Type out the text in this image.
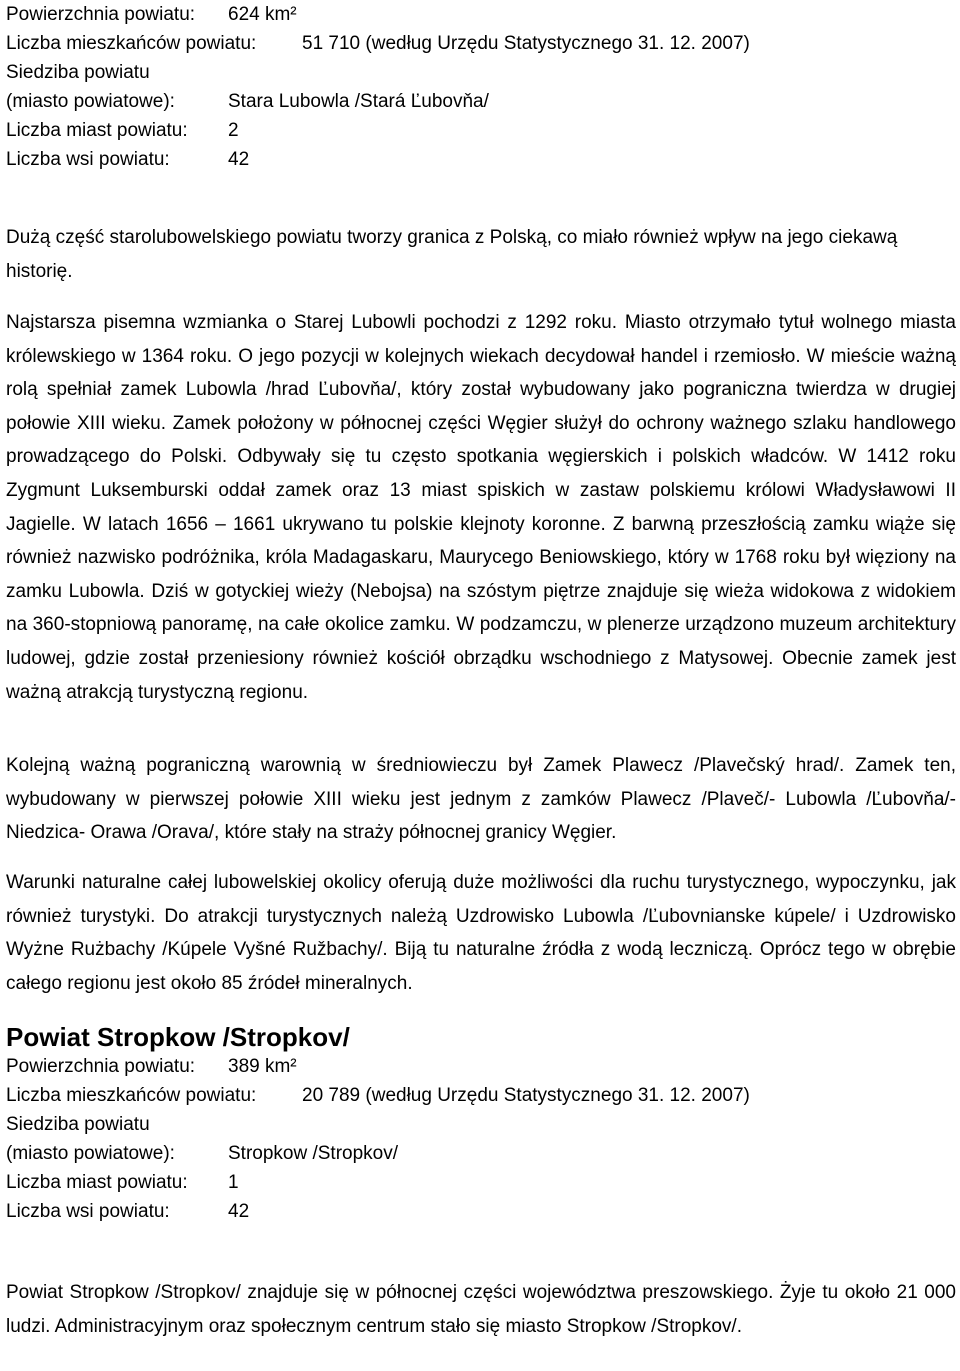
Powierzchnia powiatu: 624 km²
Liczba mieszkańców powiatu: 51 710 (według Urzędu Statystycznego 31. 12. 2007)
Siedziba powiatu
(miasto powiatowe):	Stara Lubowla /Stará Ľubovňa/
Liczba miast powiatu: 2
Liczba wsi powiatu:	42
Dużą część starolubowelskiego powiatu tworzy granica z Polską, co miało również wpływ na jego ciekawą historię.
Najstarsza pisemna wzmianka o Starej Lubowli pochodzi z 1292 roku. Miasto otrzymało tytuł wolnego miasta królewskiego w 1364 roku. O jego pozycji w kolejnych wiekach decydował handel i rzemiosło. W mieście ważną rolą spełniał zamek Lubowla /hrad Ľubovňa/, który został wybudowany jako pograniczna twierdza w drugiej połowie XIII wieku. Zamek położony w północnej części Węgier służył do ochrony ważnego szlaku handlowego prowadzącego do Polski. Odbywały się tu często spotkania węgierskich i polskich władców. W 1412 roku Zygmunt Luksemburski oddał zamek oraz 13 miast spiskich w zastaw polskiemu królowi Władysławowi II Jagielle. W latach 1656 – 1661 ukrywano tu polskie klejnoty koronne. Z barwną przeszłością zamku wiąże się również nazwisko podróżnika, króla Madagaskaru, Maurycego Beniowskiego, który w 1768 roku był więziony na zamku Lubowla. Dziś w gotyckiej wieży (Nebojsa) na szóstym piętrze znajduje się wieża widokowa z widokiem na 360-stopniową panoramę, na całe okolice zamku. W podzamczu, w plenerze urządzono muzeum architektury ludowej, gdzie został przeniesiony również kościół obrządku wschodniego z Matysowej. Obecnie zamek jest ważną atrakcją turystyczną regionu.
Kolejną ważną pograniczną warownią w średniowieczu był Zamek Plawecz /Plavečský hrad/. Zamek ten, wybudowany w pierwszej połowie XIII wieku jest jednym z zamków Plawecz /Plaveč/- Lubowla /Ľubovňa/-Niedzica- Orawa /Orava/, które stały na straży północnej granicy Węgier.
Warunki naturalne całej lubowelskiej okolicy oferują duże możliwości dla ruchu turystycznego, wypoczynku, jak również turystyki. Do atrakcji turystycznych należą Uzdrowisko Lubowla /Ľubovnianske kúpele/ i Uzdrowisko Wyżne Rużbachy /Kúpele Vyšné Ružbachy/. Biją tu naturalne źródła z wodą leczniczą. Oprócz tego w obrębie całego regionu jest około 85 źródeł mineralnych.
Powiat Stropkow /Stropkov/
Powierzchnia powiatu: 389 km²
Liczba mieszkańców powiatu: 20 789 (według Urzędu Statystycznego 31. 12. 2007)
Siedziba powiatu
(miasto powiatowe):	Stropkow /Stropkov/
Liczba miast powiatu: 1
Liczba wsi powiatu:	42
Powiat Stropkow /Stropkov/ znajduje się w północnej części województwa preszowskiego. Żyje tu około 21 000 ludzi. Administracyjnym oraz społecznym centrum stało się miasto Stropkow /Stropkov/.
